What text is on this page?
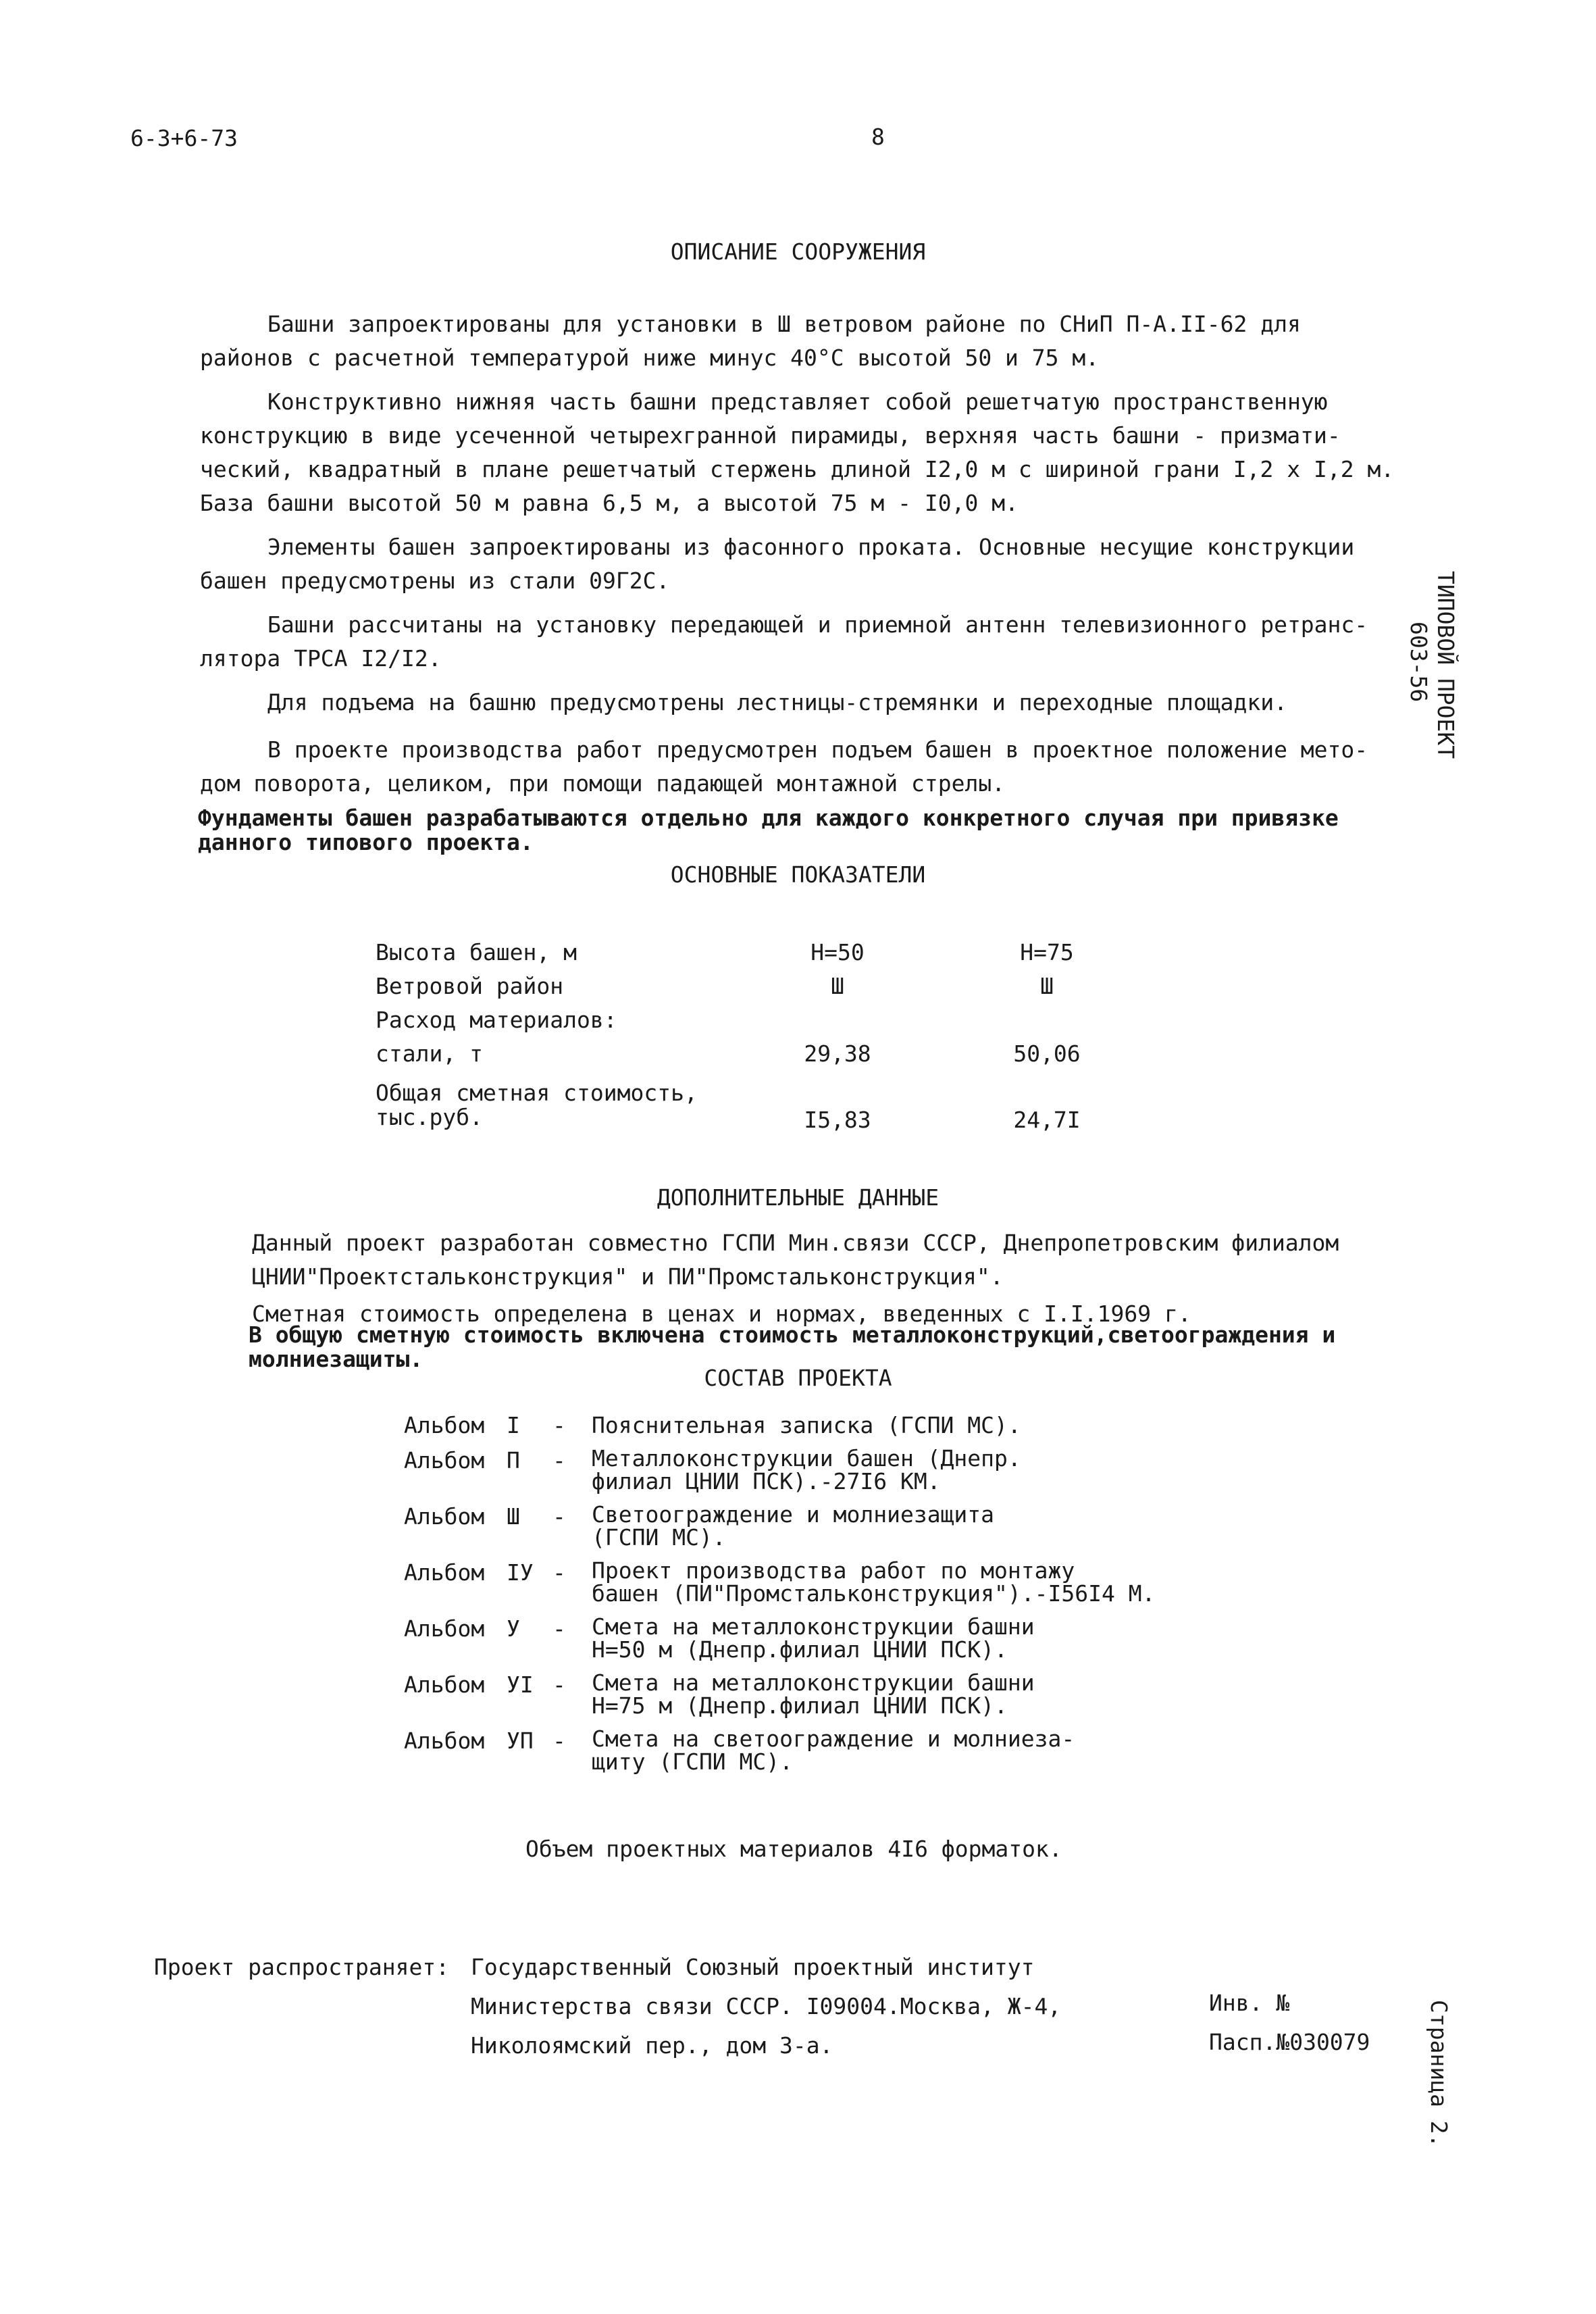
6-3+6-73	8
ТИПОВОЙ ПРОЕКТ
603-56
Страница 2.
ОПИСАНИЕ СООРУЖЕНИЯ
Башни запроектированы для установки в Ш ветровом районе по СНиП П-А.II-62 для
районов с расчетной температурой ниже минус 40°С высотой 50 и 75 м.
Конструктивно нижняя часть башни представляет собой решетчатую пространственную
конструкцию в виде усеченной четырехгранной пирамиды, верхняя часть башни - призмати-
ческий, квадратный в плане решетчатый стержень длиной I2,0 м с шириной грани I,2 х I,2 м.
База башни высотой 50 м равна 6,5 м, а высотой 75 м - I0,0 м.
Элементы башен запроектированы из фасонного проката. Основные несущие конструкции
башен предусмотрены из стали 09Г2С.
Башни рассчитаны на установку передающей и приемной антенн телевизионного ретранс-
лятора ТРСА I2/I2.
Для подъема на башню предусмотрены лестницы-стремянки и переходные площадки.
В проекте производства работ предусмотрен подъем башен в проектное положение мето-
дом поворота, целиком, при помощи падающей монтажной стрелы.
Фундаменты башен разрабатываются отдельно для каждого конкретного случая при привязке
данного типового проекта.
ОСНОВНЫЕ ПОКАЗАТЕЛИ
Высота башен, м	Н=50	Н=75
Ветровой район	Ш	Ш
Расход материалов:
стали, т	29,38	50,06
Общая сметная стоимость,
тыс.руб.	I5,83	24,7I
ДОПОЛНИТЕЛЬНЫЕ ДАННЫЕ
Данный проект разработан совместно ГСПИ Мин.связи СССР, Днепропетровским филиалом
ЦНИИ"Проектстальконструкция" и ПИ"Промстальконструкция".
Сметная стоимость определена в ценах и нормах, введенных с I.I.1969 г.
В общую сметную стоимость включена стоимость металлоконструкций,светоограждения и
молниезащиты.
СОСТАВ ПРОЕКТА
Альбом I - Пояснительная записка (ГСПИ МС).
Альбом П - Металлоконструкции башен (Днепр.
филиал ЦНИИ ПСК).-27I6 КМ.
Альбом Ш - Светоограждение и молниезащита
(ГСПИ МС).
Альбом IУ - Проект производства работ по монтажу
башен (ПИ"Промстальконструкция").-I56I4 М.
Альбом У - Смета на металлоконструкции башни
Н=50 м (Днепр.филиал ЦНИИ ПСК).
Альбом УI - Смета на металлоконструкции башни
Н=75 м (Днепр.филиал ЦНИИ ПСК).
Альбом УП - Смета на светоограждение и молниеза-
щиту (ГСПИ МС).
Объем проектных материалов 4I6 форматок.
Проект распространяет: Государственный Союзный проектный институт
Министерства связи СССР. I09004.Москва, Ж-4,
Николоямский пер., дом 3-а.
Инв. №
Пасп.№030079
